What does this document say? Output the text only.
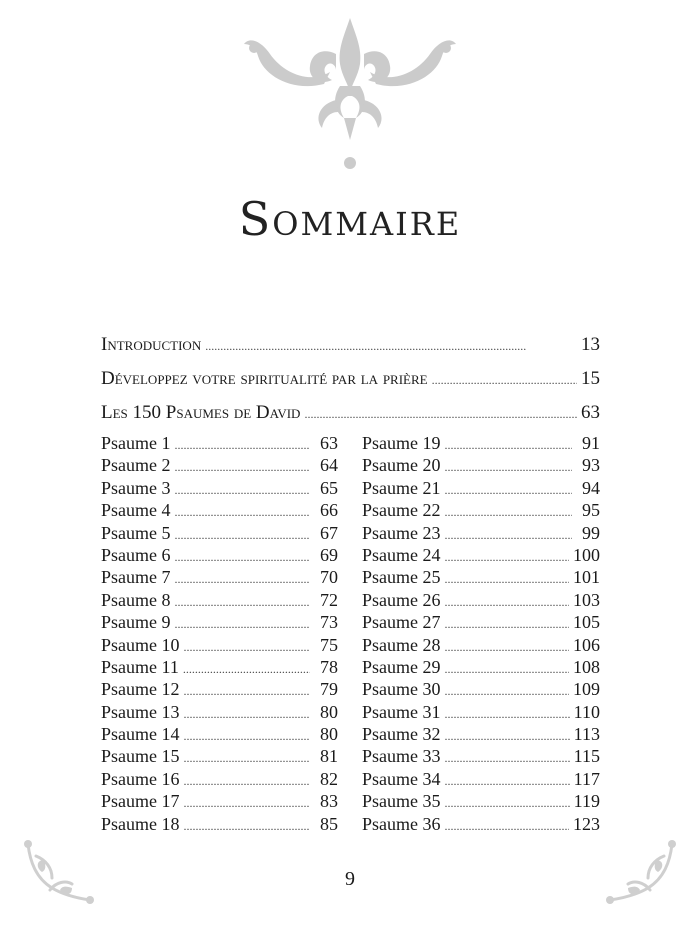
Sommaire
Introduction . . .	13
Développez votre spiritualité par la prière . . .	15
Les 150 Psaumes de David . . .	63
Psaume 1 . . .	63
Psaume 2 . . .	64
Psaume 3 . . .	65
Psaume 4 . . .	66
Psaume 5 . . .	67
Psaume 6 . . .	69
Psaume 7 . . .	70
Psaume 8 . . .	72
Psaume 9 . . .	73
Psaume 10 . . .	75
Psaume 11 . . .	78
Psaume 12 . . .	79
Psaume 13 . . .	80
Psaume 14 . . .	80
Psaume 15 . . .	81
Psaume 16 . . .	82
Psaume 17 . . .	83
Psaume 18 . . .	85
Psaume 19 . . .	91
Psaume 20 . . .	93
Psaume 21 . . .	94
Psaume 22 . . .	95
Psaume 23 . . .	99
Psaume 24 . . .	100
Psaume 25 . . .	101
Psaume 26 . . .	103
Psaume 27 . . .	105
Psaume 28 . . .	106
Psaume 29 . . .	108
Psaume 30 . . .	109
Psaume 31 . . .	110
Psaume 32 . . .	113
Psaume 33 . . .	115
Psaume 34 . . .	117
Psaume 35 . . .	119
Psaume 36 . . .	123
9
